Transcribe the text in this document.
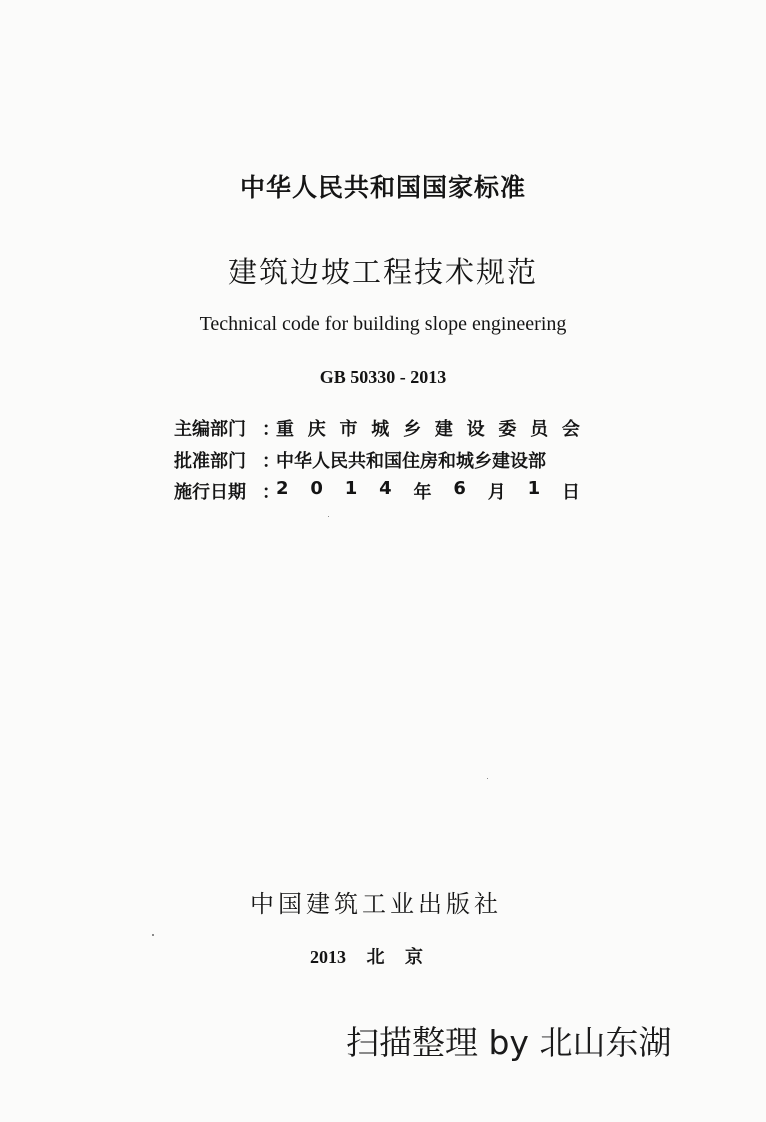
中华人民共和国国家标准
建筑边坡工程技术规范
Technical code for building slope engineering
GB 50330 - 2013
主编部门 ：
重 庆 市 城 乡 建 设 委 员 会
批准部门 ：
中华人民共和国住房和城乡建设部
施行日期 ：
2 0 1 4 年 6 月 1 日
中国建筑工业出版社
2013 北 京
扫描整理 by 北山东湖
